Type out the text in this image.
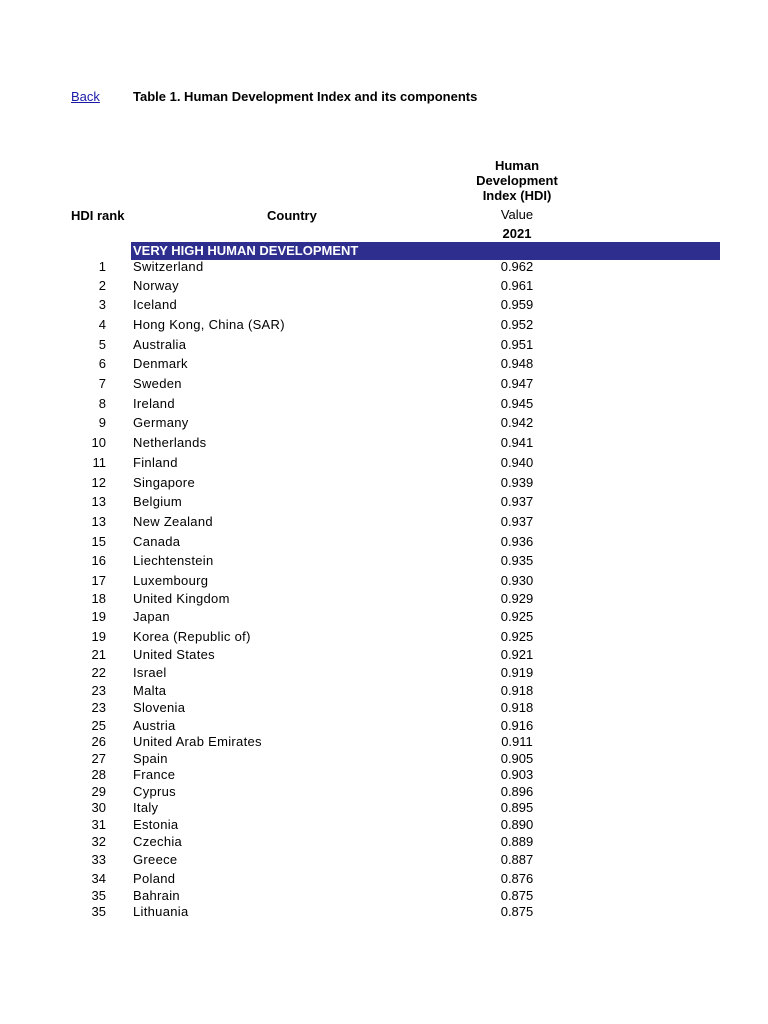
Back	Table 1. Human Development Index and its components
Human
Development
Index (HDI)
HDI rank	Country	Value
2021
VERY HIGH HUMAN DEVELOPMENT
1 Switzerland	0.962
2 Norway	0.961
3 Iceland	0.959
4 Hong Kong, China (SAR)	0.952
5 Australia	0.951
6 Denmark	0.948
7 Sweden	0.947
8 Ireland	0.945
9 Germany	0.942
10 Netherlands	0.941
11 Finland	0.940
12 Singapore	0.939
13 Belgium	0.937
13 New Zealand	0.937
15 Canada	0.936
16 Liechtenstein	0.935
17 Luxembourg	0.930
18 United Kingdom	0.929
19 Japan	0.925
19 Korea (Republic of)	0.925
21 United States	0.921
22 Israel	0.919
23 Malta	0.918
23 Slovenia	0.918
25 Austria	0.916
26 United Arab Emirates	0.911
27 Spain	0.905
28 France	0.903
29 Cyprus	0.896
30 Italy	0.895
31 Estonia	0.890
32 Czechia	0.889
33 Greece	0.887
34 Poland	0.876
35 Bahrain	0.875
35 Lithuania	0.875
